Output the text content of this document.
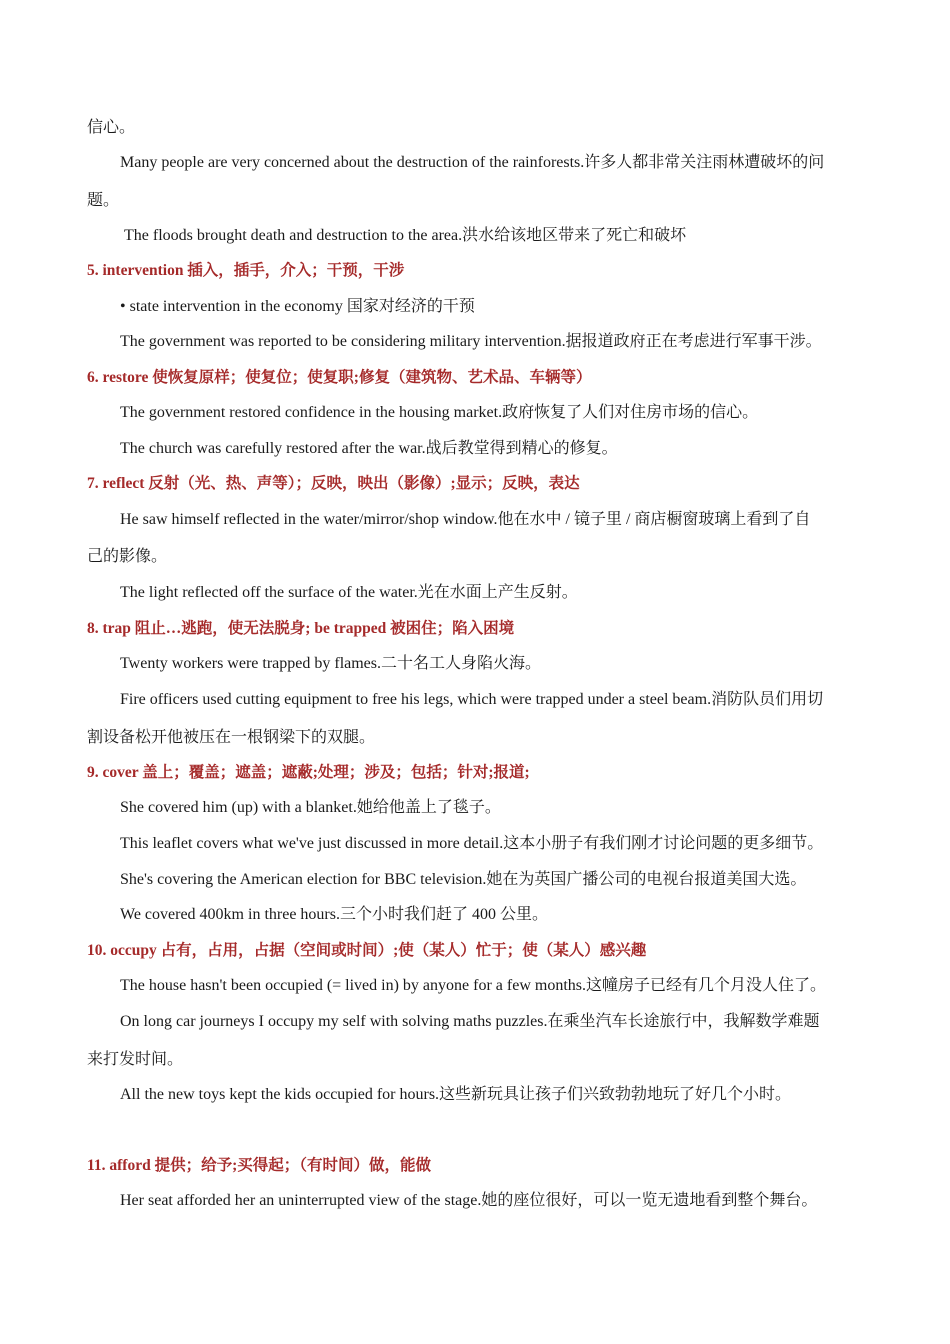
信心。
Many people are very concerned about the destruction of the rainforests.许多人都非常关注雨林遭破坏的问
题。
The floods brought death and destruction to the area.洪水给该地区带来了死亡和破坏
5. intervention 插入，插手，介入；干预，干涉
• state intervention in the economy 国家对经济的干预
The government was reported to be considering military intervention.据报道政府正在考虑进行军事干涉。
6. restore 使恢复原样；使复位；使复职;修复（建筑物、艺术品、车辆等）
The government restored confidence in the housing market.政府恢复了人们对住房市场的信心。
The church was carefully restored after the war.战后教堂得到精心的修复。
7. reflect 反射（光、热、声等）；反映，映出（影像）;显示；反映，表达
He saw himself reflected in the water/mirror/shop window.他在水中 / 镜子里 / 商店橱窗玻璃上看到了自
己的影像。
The light reflected off the surface of the water.光在水面上产生反射。
8. trap 阻止…逃跑，使无法脱身; be trapped 被困住；陷入困境
Twenty workers were trapped by flames.二十名工人身陷火海。
Fire officers used cutting equipment to free his legs, which were trapped under a steel beam.消防队员们用切
割设备松开他被压在一根钢梁下的双腿。
9. cover 盖上；覆盖；遮盖；遮蔽;处理；涉及；包括；针对;报道;
She covered him (up) with a blanket.她给他盖上了毯子。
This leaflet covers what we've just discussed in more detail.这本小册子有我们刚才讨论问题的更多细节。
She's covering the American election for BBC television.她在为英国广播公司的电视台报道美国大选。
We covered 400km in three hours.三个小时我们赶了 400 公里。
10. occupy 占有，占用，占据（空间或时间）;使（某人）忙于；使（某人）感兴趣
The house hasn't been occupied (= lived in) by anyone for a few months.这幢房子已经有几个月没人住了。
On long car journeys I occupy my self with solving maths puzzles.在乘坐汽车长途旅行中，我解数学难题
来打发时间。
All the new toys kept the kids occupied for hours.这些新玩具让孩子们兴致勃勃地玩了好几个小时。
11. afford 提供；给予;买得起；（有时间）做，能做
Her seat afforded her an uninterrupted view of the stage.她的座位很好，可以一览无遗地看到整个舞台。
